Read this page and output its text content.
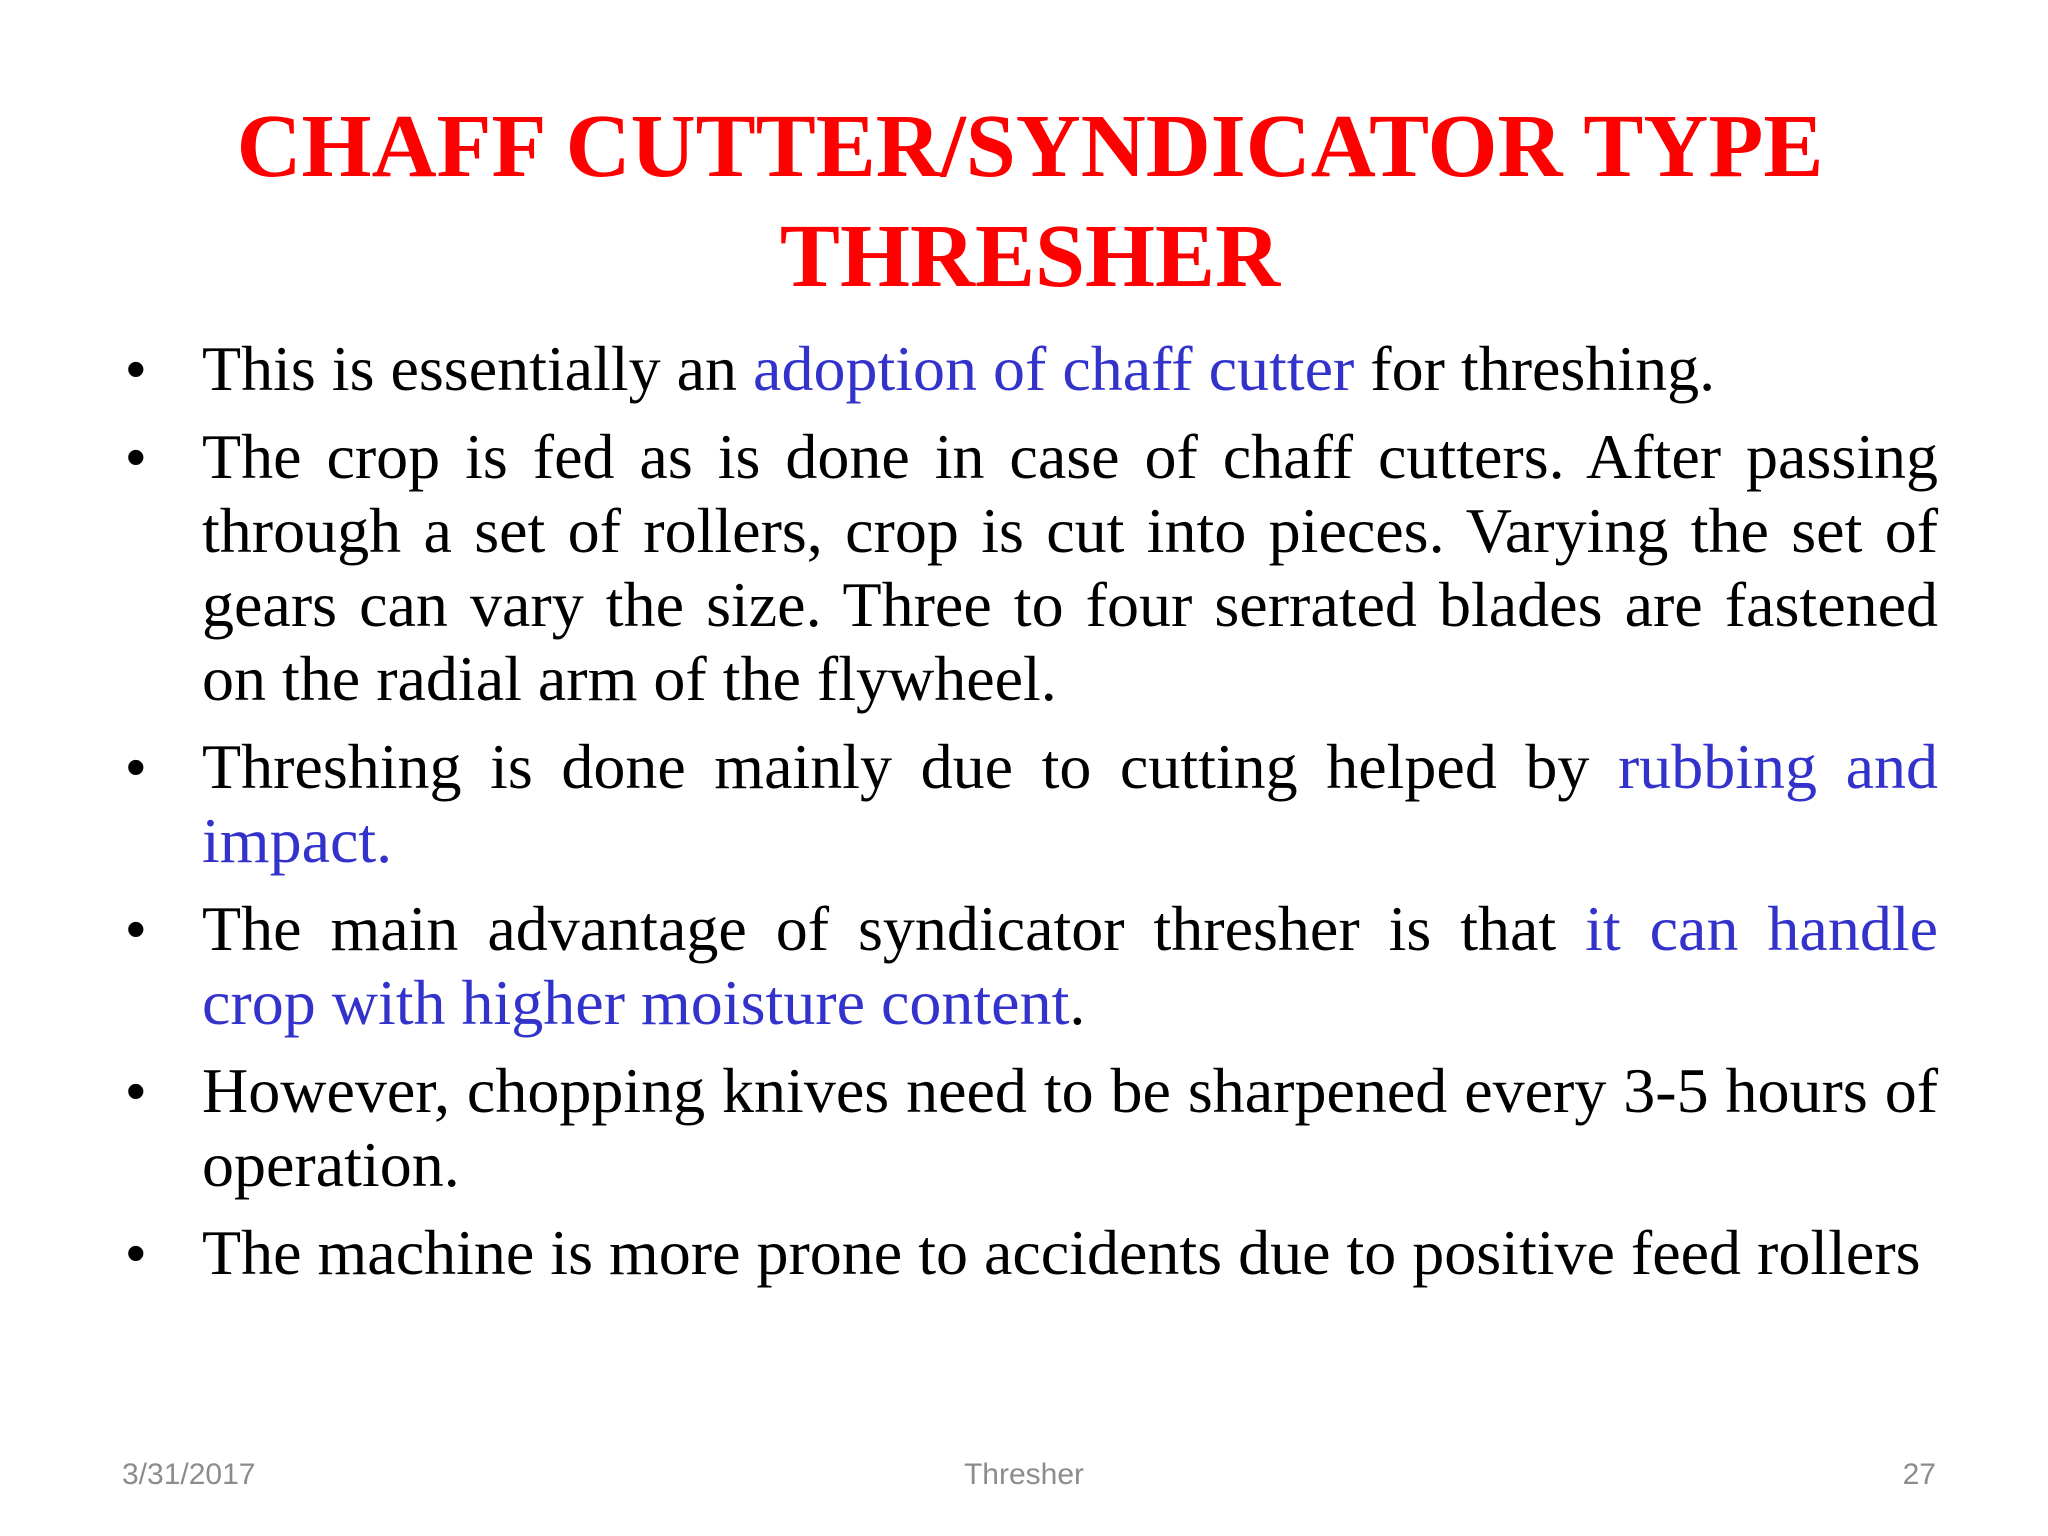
CHAFF CUTTER/SYNDICATOR TYPE
THRESHER
• This is essentially an adoption of chaff cutter for threshing.
• The crop is fed as is done in case of chaff cutters. After passing through a set of rollers, crop is cut into pieces. Varying the set of gears can vary the size. Three to four serrated blades are fastened on the radial arm of the flywheel.
• Threshing is done mainly due to cutting helped by rubbing and impact.
• The main advantage of syndicator thresher is that it can handle crop with higher moisture content.
• However, chopping knives need to be sharpened every 3-5 hours of operation.
• The machine is more prone to accidents due to positive feed rollers
3/31/2017	Thresher	27
